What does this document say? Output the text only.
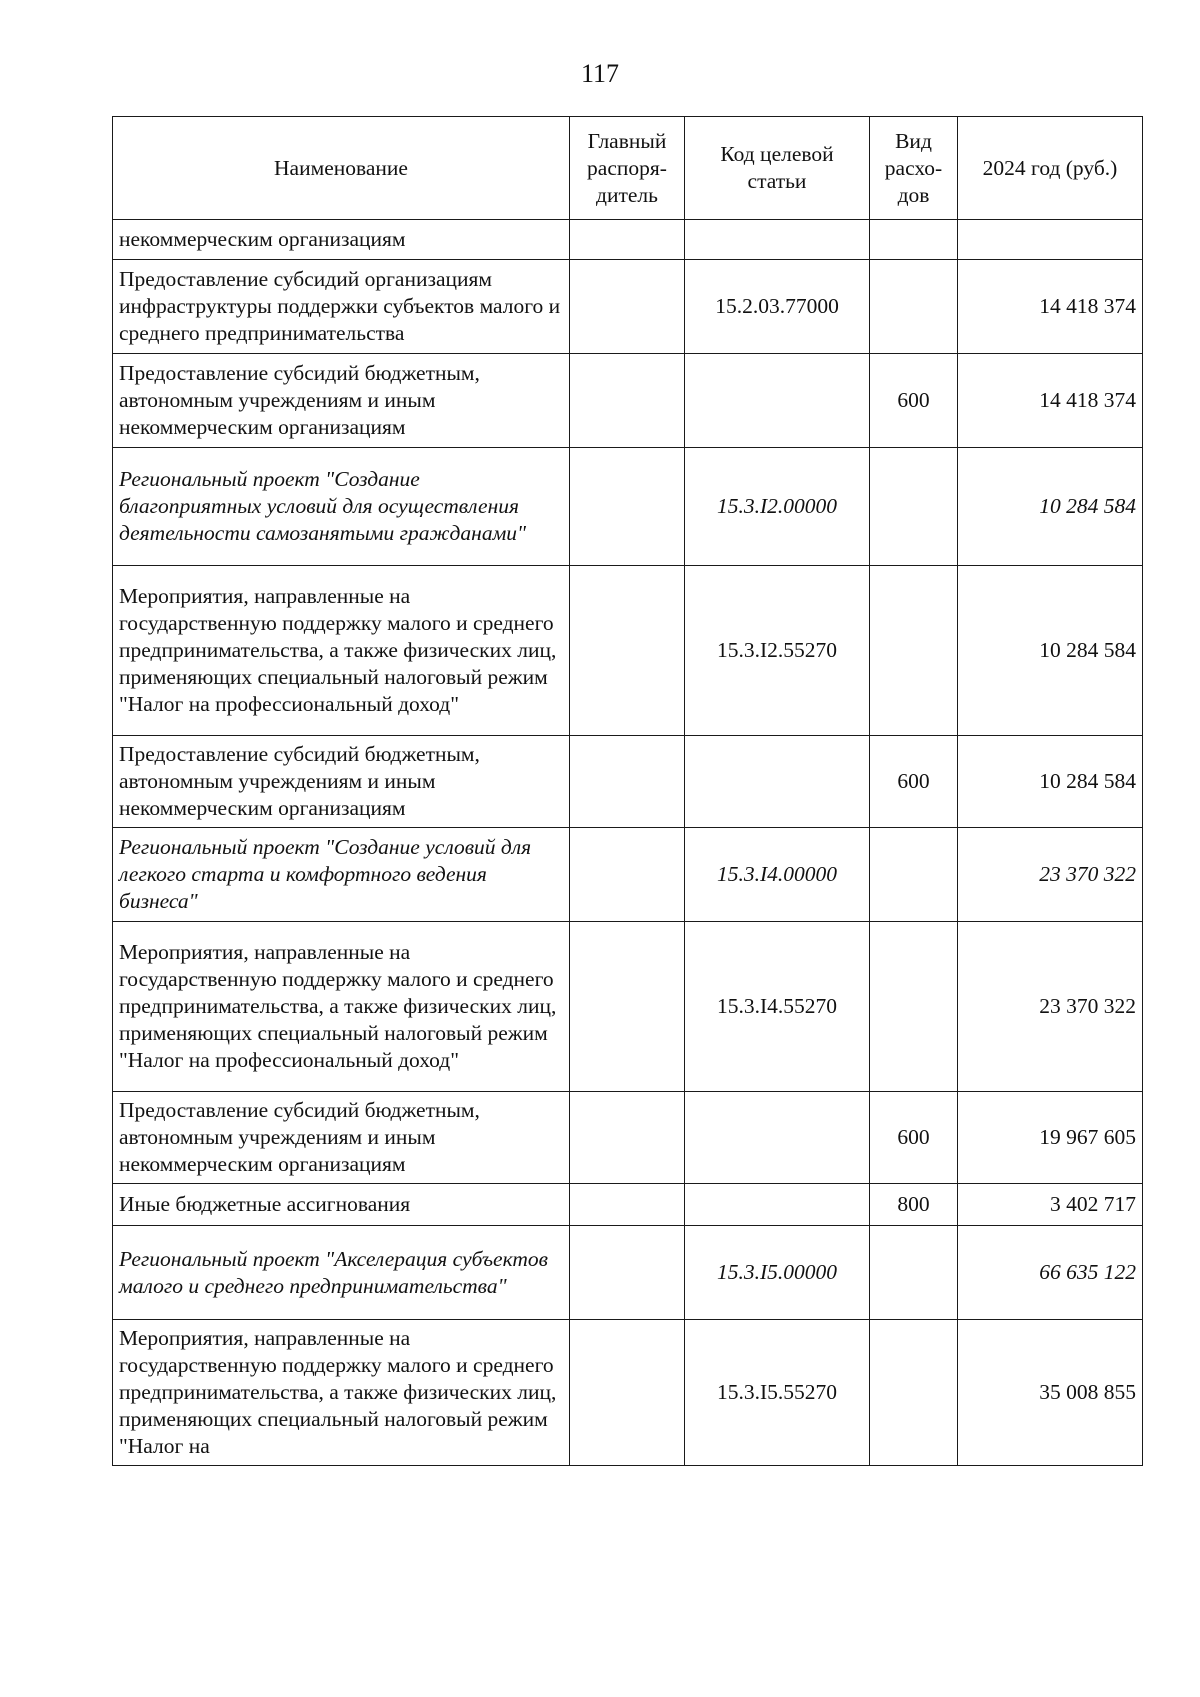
117
Наименование	Главный распоря-дитель	Код целевой статьи	Вид расхо-дов	2024 год (руб.)
некоммерческим организациям				
Предоставление субсидий организациям инфраструктуры поддержки субъектов малого и среднего предпринимательства		15.2.03.77000		14 418 374
Предоставление субсидий бюджетным, автономным учреждениям и иным некоммерческим организациям			600	14 418 374
Региональный проект "Создание благоприятных условий для осуществления деятельности самозанятыми гражданами"		15.3.I2.00000		10 284 584
Мероприятия, направленные на государственную поддержку малого и среднего предпринимательства, а также физических лиц, применяющих специальный налоговый режим "Налог на профессиональный доход"		15.3.I2.55270		10 284 584
Предоставление субсидий бюджетным, автономным учреждениям и иным некоммерческим организациям			600	10 284 584
Региональный проект "Создание условий для легкого старта и комфортного ведения бизнеса"		15.3.I4.00000		23 370 322
Мероприятия, направленные на государственную поддержку малого и среднего предпринимательства, а также физических лиц, применяющих специальный налоговый режим "Налог на профессиональный доход"		15.3.I4.55270		23 370 322
Предоставление субсидий бюджетным, автономным учреждениям и иным некоммерческим организациям			600	19 967 605
Иные бюджетные ассигнования			800	3 402 717
Региональный проект "Акселерация субъектов малого и среднего предпринимательства"		15.3.I5.00000		66 635 122
Мероприятия, направленные на государственную поддержку малого и среднего предпринимательства, а также физических лиц, применяющих специальный налоговый режим "Налог на		15.3.I5.55270		35 008 855
